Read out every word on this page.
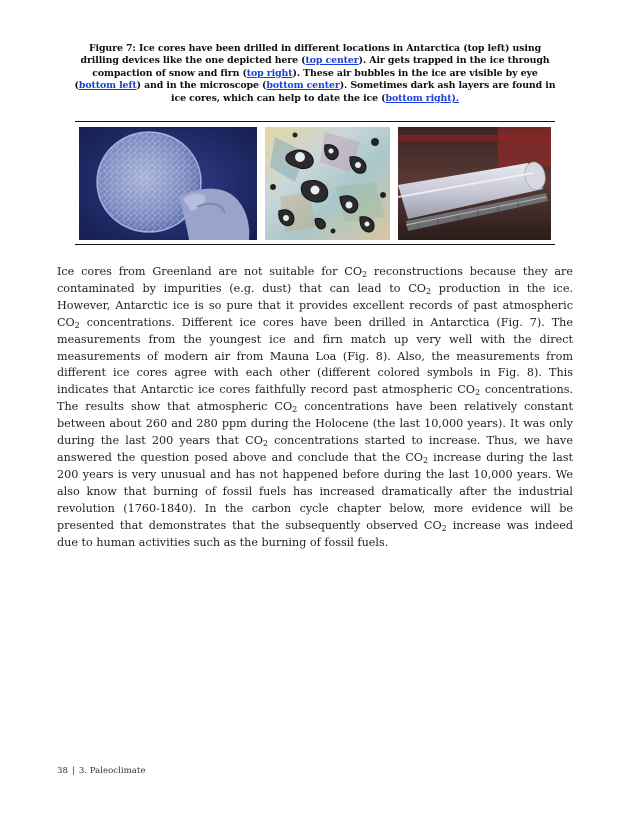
Figure 7: Ice cores have been drilled in different locations in Antarctica (top left) using drilling devices like the one depicted here (top center). Air gets trapped in the ice through compaction of snow and firn (top right). These air bubbles in the ice are visible by eye (bottom left) and in the microscope (bottom center). Sometimes dark ash layers are found in ice cores, which can help to date the ice (bottom right).
Ice cores from Greenland are not suitable for $CO_2$ reconstructions because they are contaminated by impurities (e.g. dust) that can lead to $CO_2$ production in the ice. However, Antarctic ice is so pure that it provides excellent records of past atmospheric $CO_2$ concentrations. Different ice cores have been drilled in Antarctica (Fig. 7). The measurements from the youngest ice and firn match up very well with the direct measurements of modern air from Mauna Loa (Fig. 8). Also, the measurements from different ice cores agree with each other (different colored symbols in Fig. 8). This indicates that Antarctic ice cores faithfully record past atmospheric $CO_2$ concentrations. The results show that atmospheric $CO_2$ concentrations have been relatively constant between about 260 and 280 ppm during the Holocene (the last 10,000 years). It was only during the last 200 years that $CO_2$ concentrations started to increase. Thus, we have answered the question posed above and conclude that the $CO_2$ increase during the last 200 years is very unusual and has not happened before during the last 10,000 years. We also know that burning of fossil fuels has increased dramatically after the industrial revolution (1760-1840). In the carbon cycle chapter below, more evidence will be presented that demonstrates that the subsequently observed $CO_2$ increase was indeed due to human activities such as the burning of fossil fuels.
38 | 3. Paleoclimate
